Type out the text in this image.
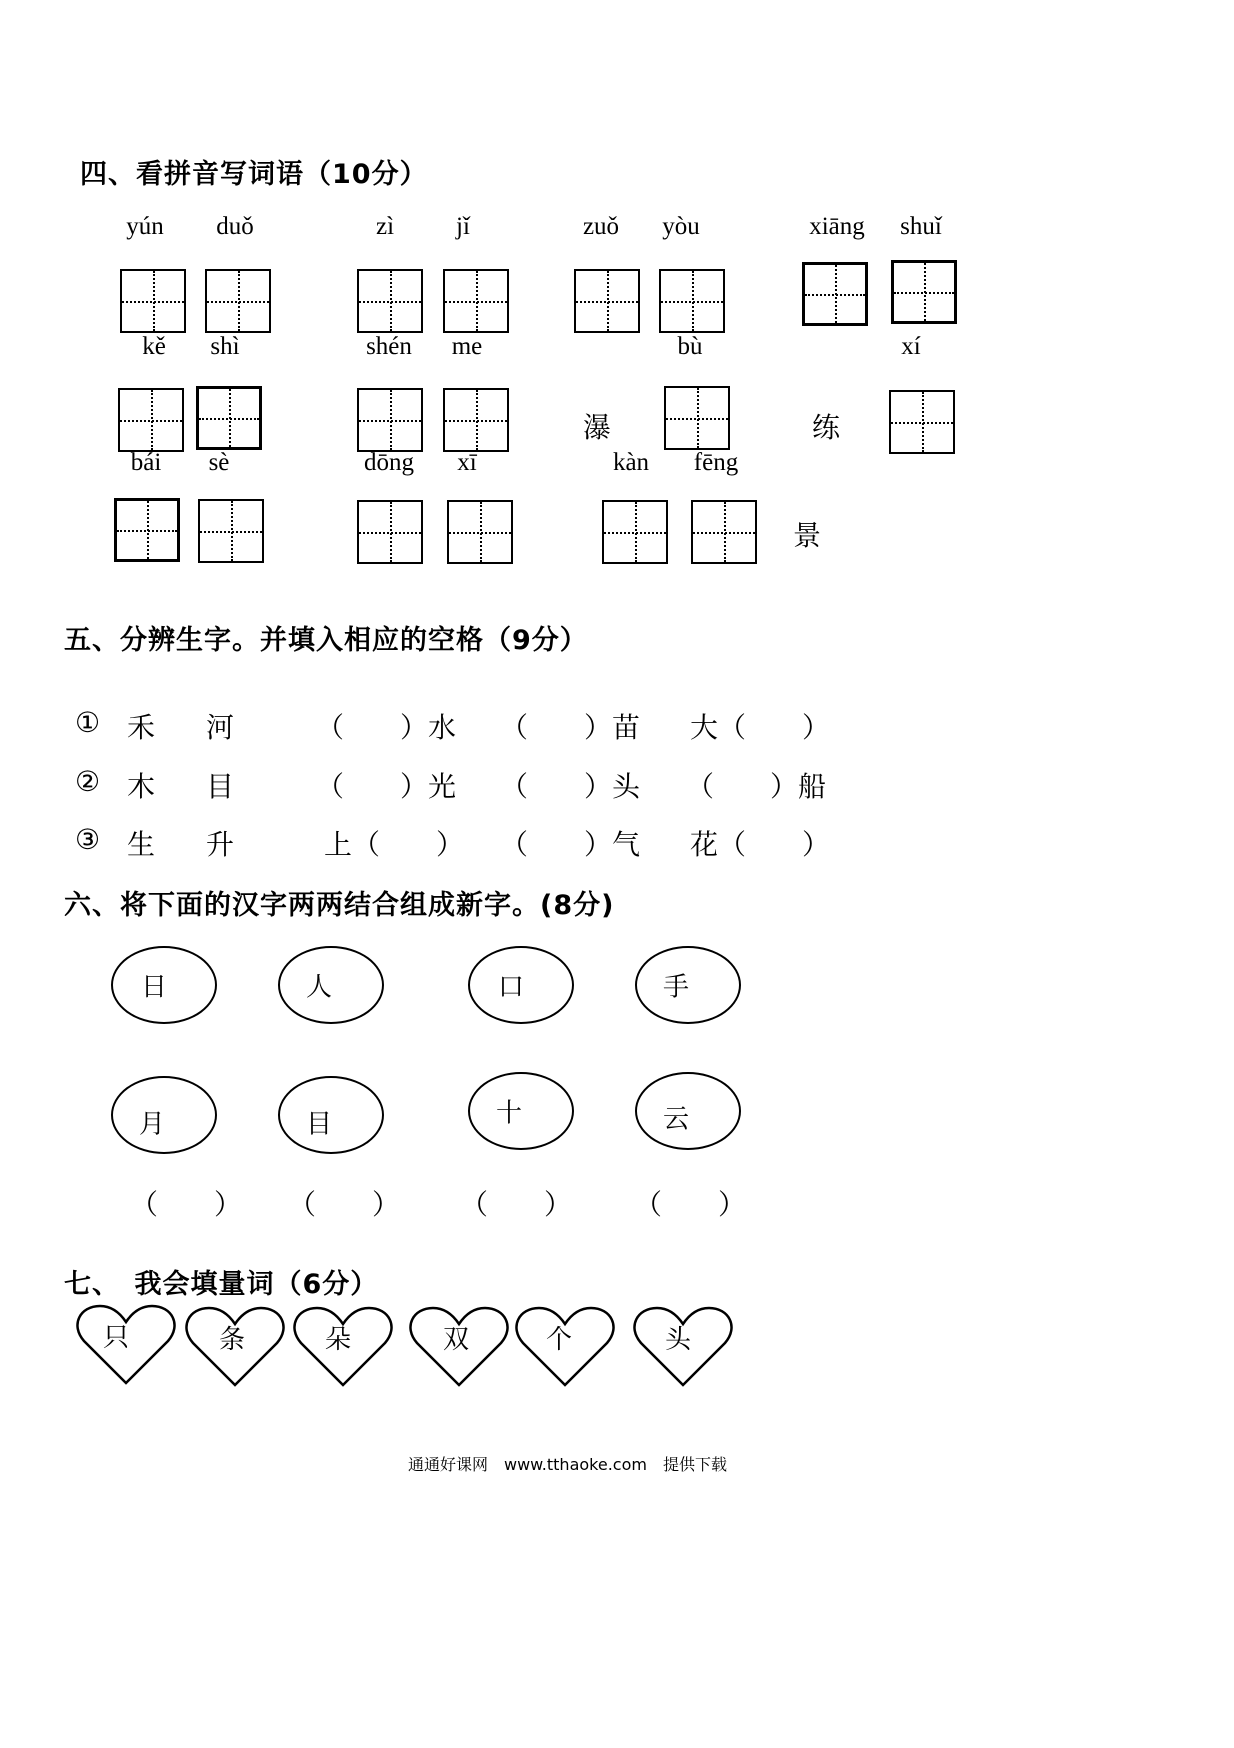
四、看拼音写词语（10分）
yún	duǒ	zì	jǐ	zuǒ	yòu	xiāng	shuǐ
kě	shì	shén	me	bù	xí
瀑	练
bái	sè	dōng	xī	kàn	fēng
景
五、分辨生字。并填入相应的空格（9分）
① 禾 河	（　　）水 （　　）苗 大（　　）
② 木 目	（　　）光 （　　）头 （　　）船
③ 生 升	上（　　） （　　）气 花（　　）
六、将下面的汉字两两结合组成新字。(8分)
日	人	口	手
月	目	十	云
（　　） （　　） （　　） （　　）
七、　我会填量词（6分）
只	条	朵	双	个	头
通通好课网　www.tthaoke.com　提供下载
